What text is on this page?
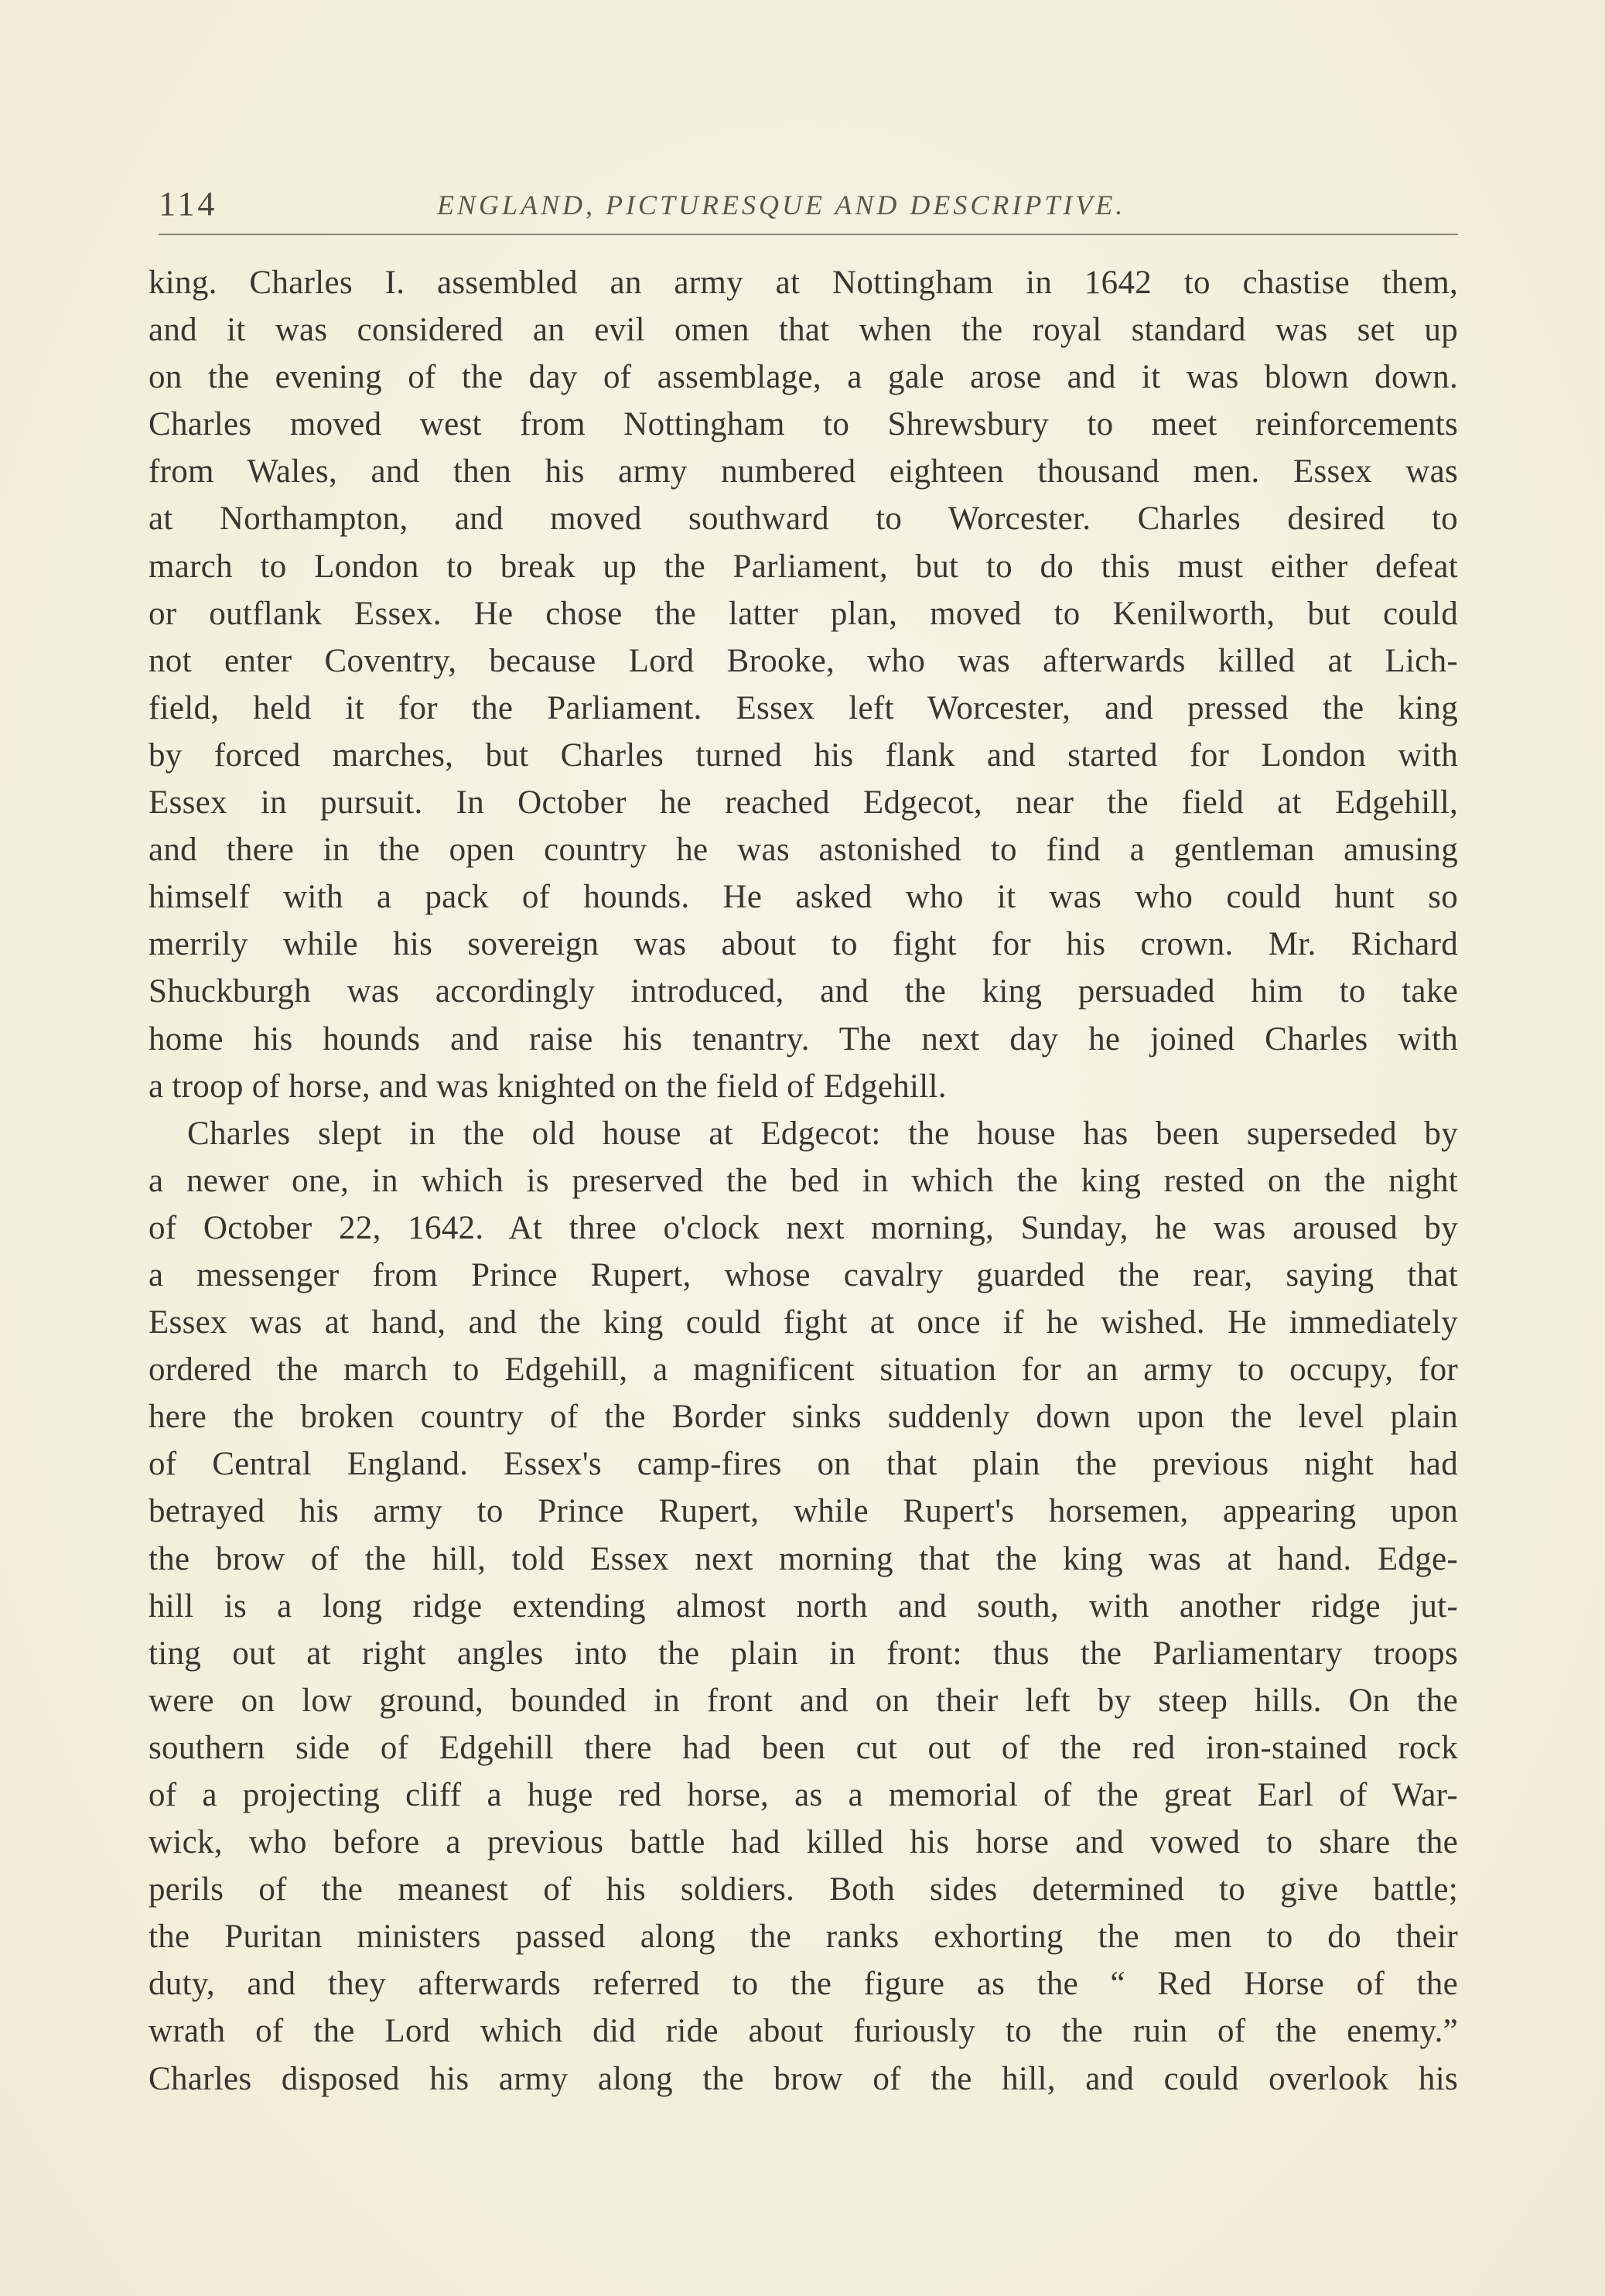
114	ENGLAND, PICTURESQUE AND DESCRIPTIVE.
king. Charles I. assembled an army at Nottingham in 1642 to chastise them,
and it was considered an evil omen that when the royal standard was set up
on the evening of the day of assemblage, a gale arose and it was blown down.
Charles moved west from Nottingham to Shrewsbury to meet reinforcements
from Wales, and then his army numbered eighteen thousand men. Essex was
at Northampton, and moved southward to Worcester. Charles desired to
march to London to break up the Parliament, but to do this must either defeat
or outflank Essex. He chose the latter plan, moved to Kenilworth, but could
not enter Coventry, because Lord Brooke, who was afterwards killed at Lich-
field, held it for the Parliament. Essex left Worcester, and pressed the king
by forced marches, but Charles turned his flank and started for London with
Essex in pursuit. In October he reached Edgecot, near the field at Edgehill,
and there in the open country he was astonished to find a gentleman amusing
himself with a pack of hounds. He asked who it was who could hunt so
merrily while his sovereign was about to fight for his crown. Mr. Richard
Shuckburgh was accordingly introduced, and the king persuaded him to take
home his hounds and raise his tenantry. The next day he joined Charles with
a troop of horse, and was knighted on the field of Edgehill.
Charles slept in the old house at Edgecot: the house has been superseded by
a newer one, in which is preserved the bed in which the king rested on the night
of October 22, 1642. At three o'clock next morning, Sunday, he was aroused by
a messenger from Prince Rupert, whose cavalry guarded the rear, saying that
Essex was at hand, and the king could fight at once if he wished. He immediately
ordered the march to Edgehill, a magnificent situation for an army to occupy, for
here the broken country of the Border sinks suddenly down upon the level plain
of Central England. Essex's camp-fires on that plain the previous night had
betrayed his army to Prince Rupert, while Rupert's horsemen, appearing upon
the brow of the hill, told Essex next morning that the king was at hand. Edge-
hill is a long ridge extending almost north and south, with another ridge jut-
ting out at right angles into the plain in front: thus the Parliamentary troops
were on low ground, bounded in front and on their left by steep hills. On the
southern side of Edgehill there had been cut out of the red iron-stained rock
of a projecting cliff a huge red horse, as a memorial of the great Earl of War-
wick, who before a previous battle had killed his horse and vowed to share the
perils of the meanest of his soldiers. Both sides determined to give battle;
the Puritan ministers passed along the ranks exhorting the men to do their
duty, and they afterwards referred to the figure as the “ Red Horse of the
wrath of the Lord which did ride about furiously to the ruin of the enemy.”
Charles disposed his army along the brow of the hill, and could overlook his
